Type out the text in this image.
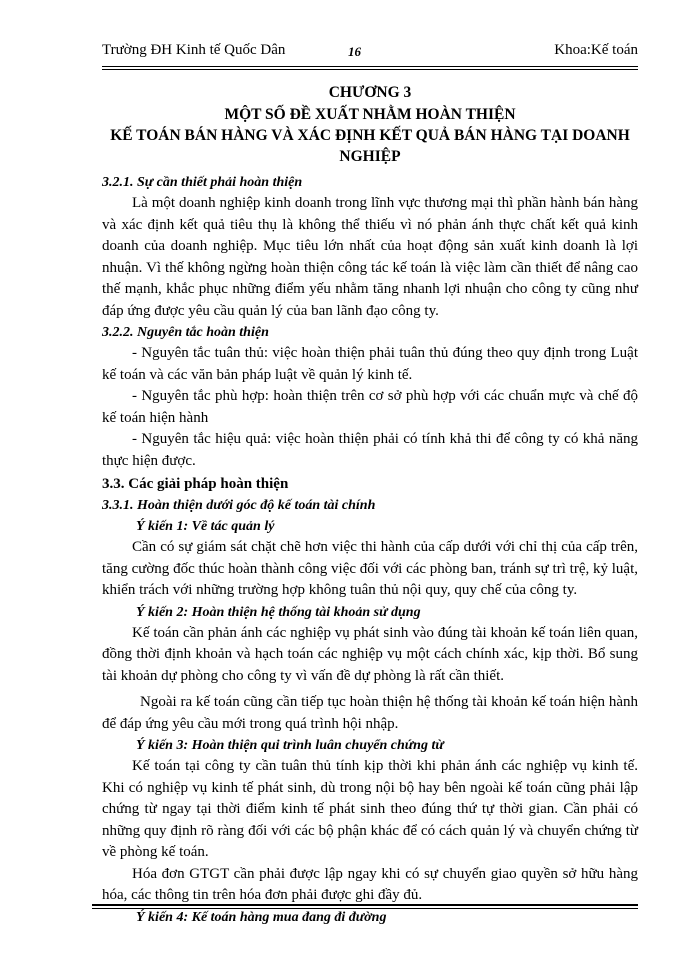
Trường ĐH Kinh tế Quốc Dân	16	Khoa:Kế toán
CHƯƠNG 3
MỘT SỐ ĐỀ XUẤT NHẰM HOÀN THIỆN
KẾ TOÁN BÁN HÀNG VÀ XÁC ĐỊNH KẾT QUẢ BÁN HÀNG TẠI DOANH
NGHIỆP
3.2.1. Sự cần thiết phải hoàn thiện

Là một doanh nghiệp kinh doanh trong lĩnh vực thương mại thì phần hành bán hàng và xác định kết quả tiêu thụ là không thể thiếu vì nó phản ánh thực chất kết quả kinh doanh của doanh nghiệp. Mục tiêu lớn nhất của hoạt động sản xuất kinh doanh là lợi nhuận. Vì thế không ngừng hoàn thiện công tác kế toán là việc làm cần thiết để nâng cao thế mạnh, khắc phục những điểm yếu nhằm tăng nhanh lợi nhuận cho công ty cũng như đáp ứng được yêu cầu quản lý của ban lãnh đạo công ty.

3.2.2. Nguyên tắc hoàn thiện

- Nguyên tắc tuân thủ: việc hoàn thiện phải tuân thủ đúng theo quy định trong Luật kế toán và các văn bản pháp luật về quản lý kinh tế.

- Nguyên tắc phù hợp: hoàn thiện trên cơ sở phù hợp với các chuẩn mực và chế độ kế toán hiện hành

- Nguyên tắc hiệu quả: việc hoàn thiện phải có tính khả thi để công ty có khả năng thực hiện được.

3.3. Các giải pháp hoàn thiện
3.3.1. Hoàn thiện dưới góc độ kế toán tài chính
Ý kiến 1: Về tác quản lý

Cần có sự giám sát chặt chẽ hơn việc thi hành của cấp dưới với chỉ thị của cấp trên, tăng cường đốc thúc hoàn thành công việc đối với các phòng ban, tránh sự trì trệ, kỷ luật, khiển trách với những trường hợp không tuân thủ nội quy, quy chế của công ty.

Ý kiến 2: Hoàn thiện hệ thống tài khoản sử dụng

Kế toán cần phản ánh các nghiệp vụ phát sinh vào đúng tài khoản kế toán liên quan, đồng thời định khoản và hạch toán các nghiệp vụ một cách chính xác, kịp thời. Bổ sung tài khoản dự phòng cho công ty vì vấn đề dự phòng là rất cần thiết.

Ngoài ra kế toán cũng cần tiếp tục hoàn thiện hệ thống tài khoản kế toán hiện hành để đáp ứng yêu cầu mới trong quá trình hội nhập.

Ý kiến 3: Hoàn thiện qui trình luân chuyển chứng từ

Kế toán tại công ty cần tuân thủ tính kịp thời khi phản ánh các nghiệp vụ kinh tế. Khi có nghiệp vụ kinh tế phát sinh, dù trong nội bộ hay bên ngoài kế toán cũng phải lập chứng từ ngay tại thời điểm kinh tế phát sinh theo đúng thứ tự thời gian. Cần phải có những quy định rõ ràng đối với các bộ phận khác để có cách quản lý và chuyển chứng từ về phòng kế toán.

Hóa đơn GTGT cần phải được lập ngay khi có sự chuyển giao quyền sở hữu hàng hóa, các thông tin trên hóa đơn phải được ghi đầy đủ.

Ý kiến 4: Kế toán hàng mua đang đi đường
